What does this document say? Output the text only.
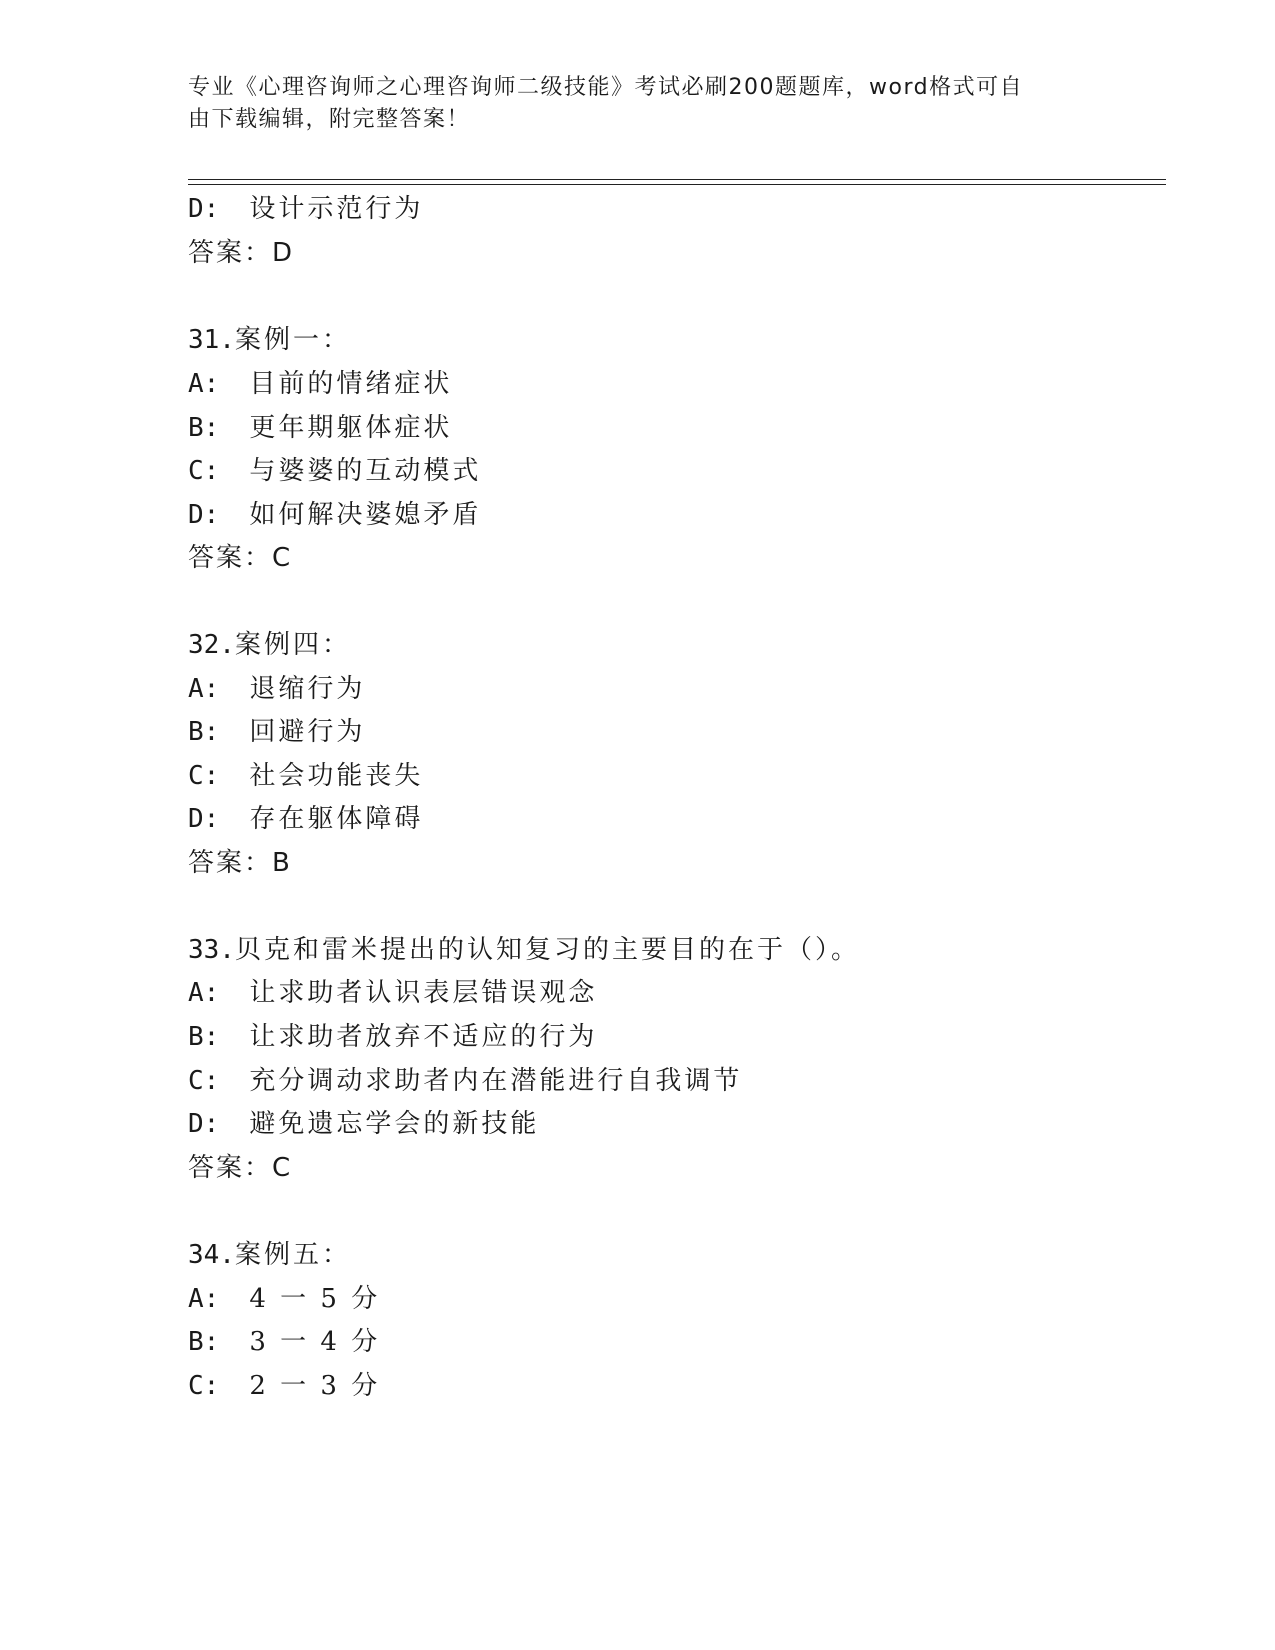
专业《心理咨询师之心理咨询师二级技能》考试必刷200题题库，word格式可自
由下载编辑，附完整答案！
D: 设计示范行为
答案：D
31.案例一：
A: 目前的情绪症状
B: 更年期躯体症状
C: 与婆婆的互动模式
D: 如何解决婆媳矛盾
答案：C
32.案例四：
A: 退缩行为
B: 回避行为
C: 社会功能丧失
D: 存在躯体障碍
答案：B
33.贝克和雷米提出的认知复习的主要目的在于（）。
A: 让求助者认识表层错误观念
B: 让求助者放弃不适应的行为
C: 充分调动求助者内在潜能进行自我调节
D: 避免遗忘学会的新技能
答案：C
34.案例五：
A: 4 一 5 分
B: 3 一 4 分
C: 2 一 3 分
